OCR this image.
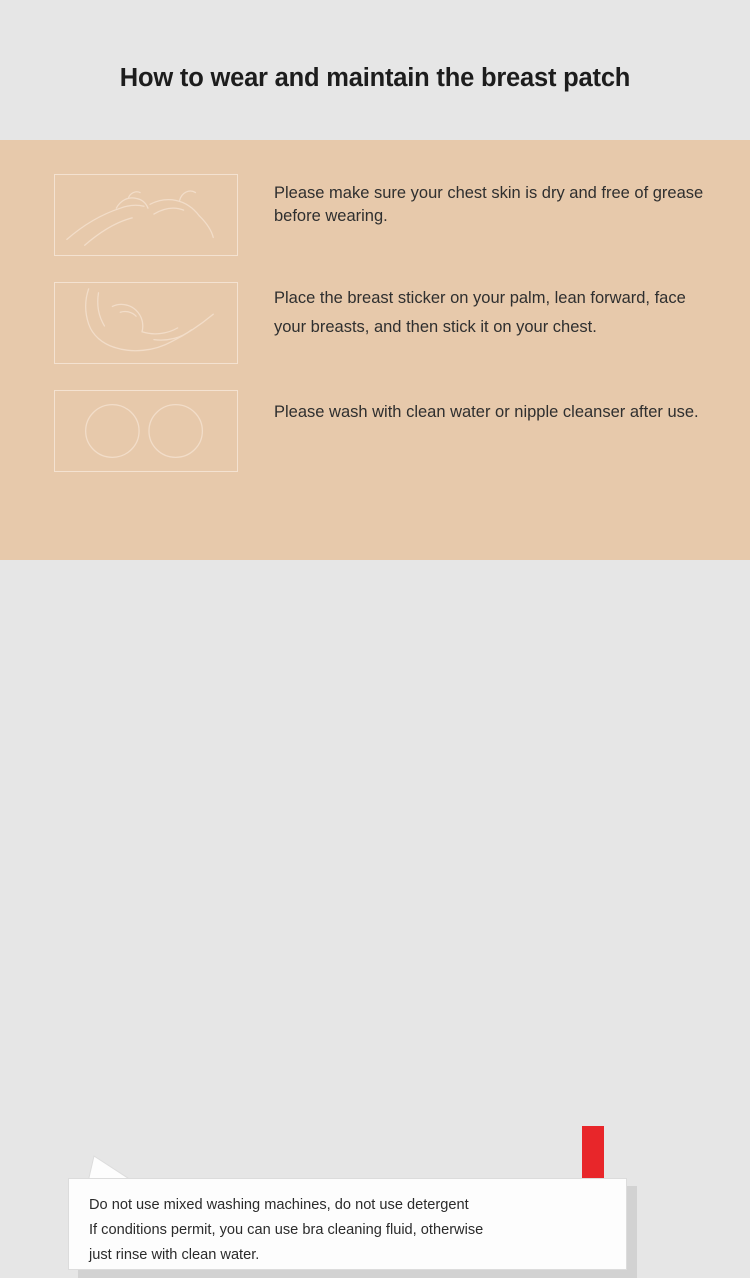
How to wear and maintain the breast patch
Please make sure your chest skin is dry and free of grease before wearing.
Place the breast sticker on your palm, lean forward, face your breasts, and then stick it on your chest.
Please wash with clean water or nipple cleanser after use.
Do not use mixed washing machines, do not use detergent
If conditions permit, you can use bra cleaning fluid, otherwise
just rinse with clean water.
